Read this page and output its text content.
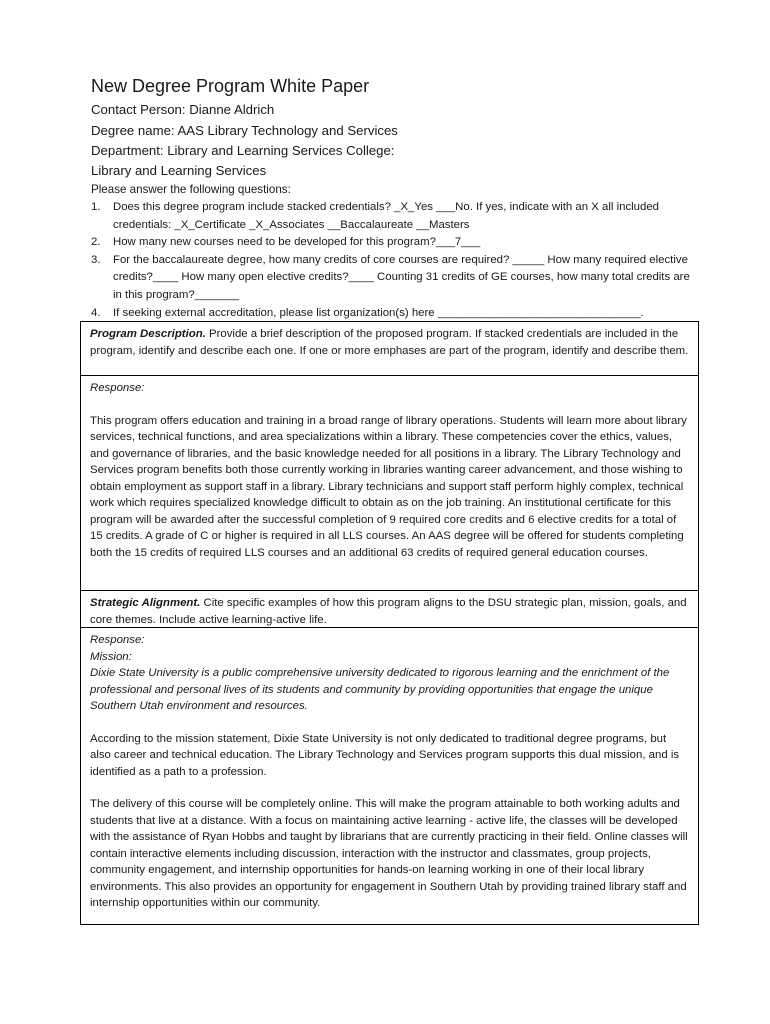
New Degree Program White Paper
Contact Person: Dianne Aldrich
Degree name: AAS Library Technology and Services
Department: Library and Learning Services College:
Library and Learning Services
Please answer the following questions:
1. Does this degree program include stacked credentials? _X_Yes ___No. If yes, indicate with an X all included credentials: _X_Certificate _X_Associates __Baccalaureate __Masters
2. How many new courses need to be developed for this program?___7___
3. For the baccalaureate degree, how many credits of core courses are required? _____ How many required elective credits?____ How many open elective credits?____ Counting 31 credits of GE courses, how many total credits are in this program?_______
4. If seeking external accreditation, please list organization(s) here ________________________________.
Program Description. Provide a brief description of the proposed program. If stacked credentials are included in the program, identify and describe each one. If one or more emphases are part of the program, identify and describe them.

Response:

This program offers education and training in a broad range of library operations. Students will learn more about library services, technical functions, and area specializations within a library. These competencies cover the ethics, values, and governance of libraries, and the basic knowledge needed for all positions in a library. The Library Technology and Services program benefits both those currently working in libraries wanting career advancement, and those wishing to obtain employment as support staff in a library. Library technicians and support staff perform highly complex, technical work which requires specialized knowledge difficult to obtain as on the job training. An institutional certificate for this program will be awarded after the successful completion of 9 required core credits and 6 elective credits for a total of 15 credits. A grade of C or higher is required in all LLS courses. An AAS degree will be offered for students completing both the 15 credits of required LLS courses and an additional 63 credits of required general education courses.

Strategic Alignment. Cite specific examples of how this program aligns to the DSU strategic plan, mission, goals, and core themes. Include active learning-active life.

Response:

Mission:

Dixie State University is a public comprehensive university dedicated to rigorous learning and the enrichment of the professional and personal lives of its students and community by providing opportunities that engage the unique Southern Utah environment and resources.

According to the mission statement, Dixie State University is not only dedicated to traditional degree programs, but also career and technical education. The Library Technology and Services program supports this dual mission, and is identified as a path to a profession.

The delivery of this course will be completely online. This will make the program attainable to both working adults and students that live at a distance. With a focus on maintaining active learning - active life, the classes will be developed with the assistance of Ryan Hobbs and taught by librarians that are currently practicing in their field. Online classes will contain interactive elements including discussion, interaction with the instructor and classmates, group projects, community engagement, and internship opportunities for hands-on learning working in one of their local library environments. This also provides an opportunity for engagement in Southern Utah by providing trained library staff and internship opportunities within our community.
